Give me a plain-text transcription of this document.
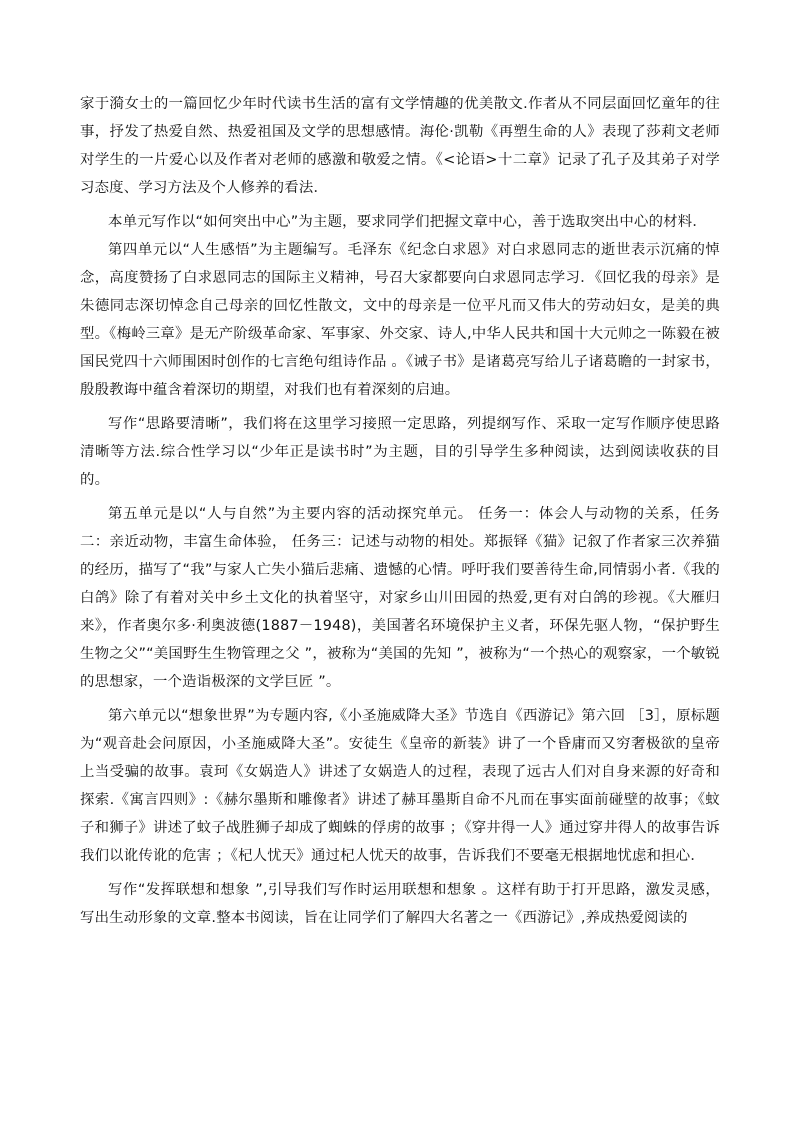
家于漪女士的一篇回忆少年时代读书生活的富有文学情趣的优美散文.作者从不同层面回忆童年的往事，抒发了热爱自然、热爱祖国及文学的思想感情。海伦·凯勒《再塑生命的人》表现了莎莉文老师对学生的一片爱心以及作者对老师的感激和敬爱之情。《<论语>十二章》记录了孔子及其弟子对学习态度、学习方法及个人修养的看法．

本单元写作以“如何突出中心”为主题，要求同学们把握文章中心，善于选取突出中心的材料．

第四单元以“人生感悟”为主题编写。毛泽东《纪念白求恩》对白求恩同志的逝世表示沉痛的悼念，高度赞扬了白求恩同志的国际主义精神，号召大家都要向白求恩同志学习．《回忆我的母亲》是朱德同志深切悼念自己母亲的回忆性散文，文中的母亲是一位平凡而又伟大的劳动妇女，是美的典型。《梅岭三章》是无产阶级革命家、军事家、外交家、诗人,中华人民共和国十大元帅之一陈毅在被国民党四十六师围困时创作的七言绝句组诗作品 。《诫子书》是诸葛亮写给儿子诸葛瞻的一封家书，殷殷教诲中蕴含着深切的期望，对我们也有着深刻的启迪。

写作“思路要清晰”，我们将在这里学习接照一定思路，列提纲写作、采取一定写作顺序使思路清晰等方法.综合性学习以“少年正是读书时”为主题，目的引导学生多种阅读，达到阅读收获的目的。

第五单元是以“人与自然”为主要内容的活动探究单元。 任务一：体会人与动物的关系，任务二：亲近动物，丰富生命体验， 任务三：记述与动物的相处。郑振铎《猫》记叙了作者家三次养猫的经历，描写了“我”与家人亡失小猫后悲痛、遗憾的心情。呼吁我们要善待生命,同情弱小者.《我的白鸽》除了有着对关中乡土文化的执着坚守，对家乡山川田园的热爱,更有对白鸽的珍视。《大雁归来》，作者奥尔多·利奥波德(1887－1948)，美国著名环境保护主义者，环保先驱人物，“保护野生生物之父”“美国野生生物管理之父 ”，被称为“美国的先知 ”，被称为“一个热心的观察家，一个敏锐的思想家，一个造诣极深的文学巨匠 ”。

第六单元以“想象世界”为专题内容,《小圣施威降大圣》节选自《西游记》第六回 ［3］，原标题为“观音赴会问原因，小圣施威降大圣”。安徒生《皇帝的新装》讲了一个昏庸而又穷奢极欲的皇帝上当受骗的故事。袁珂《女娲造人》讲述了女娲造人的过程，表现了远古人们对自身来源的好奇和探索.《寓言四则》:《赫尔墨斯和雕像者》讲述了赫耳墨斯自命不凡而在事实面前碰壁的故事；《蚊子和狮子》讲述了蚊子战胜狮子却成了蜘蛛的俘虏的故事 ；《穿井得一人》通过穿井得人的故事告诉我们以讹传讹的危害 ；《杞人忧天》通过杞人忧天的故事，告诉我们不要毫无根据地忧虑和担心．

写作“发挥联想和想象 ”,引导我们写作时运用联想和想象 。这样有助于打开思路，激发灵感，写出生动形象的文章.整本书阅读，旨在让同学们了解四大名著之一《西游记》,养成热爱阅读的
